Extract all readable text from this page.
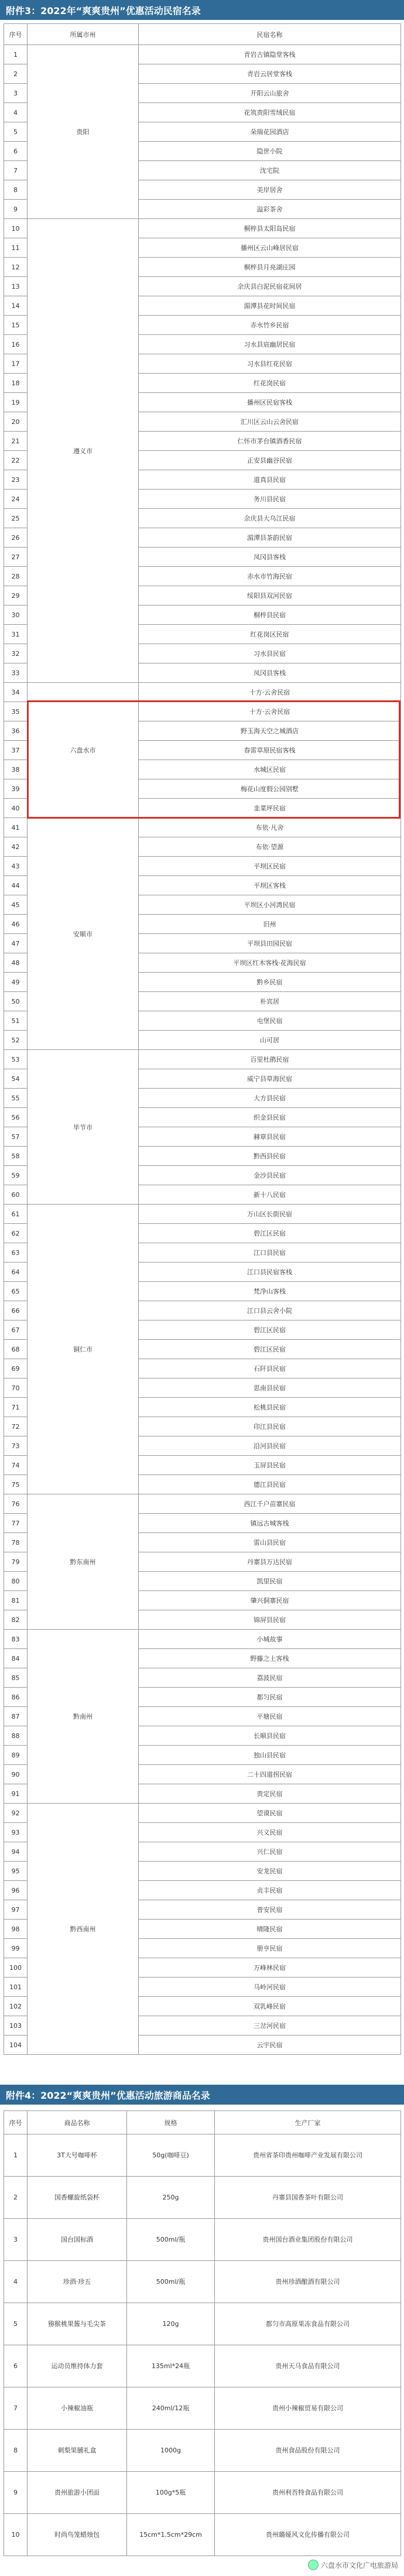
附件3：2022年“爽爽贵州”优惠活动民宿名录
序号	所属市州	民宿名称
1	贵阳	青岩古镇隐堂客栈
2		青岩云居堂客栈
3		开阳云山旅舍
4		花筑贵阳雪绒民宿
5		朵瑞花园酒店
6		隐世小院
7		沈宅院
8		美岸居舍
9		溢彩茶舍
10	遵义市	桐梓县太阳岛民宿
11		播州区云山峰居民宿
12		桐梓县月亮湖庄园
13		余庆县白泥民宿花间居
14		湄潭县花时间民宿
15		赤水竹乡民宿
16		习水县宸幽居民宿
17		习水县红花民宿
18		红花岗民宿
19		播州区民宿客栈
20		汇川区云山云舍民宿
21		仁怀市茅台镇酒香民宿
22		正安县幽谷民宿
23		道真县民宿
24		务川县民宿
25		余庆县大乌江民宿
26		湄潭县茶韵民宿
27		凤冈县客栈
28		赤水市竹海民宿
29		绥阳县双河民宿
30		桐梓县民宿
31		红花岗区民宿
32		习水县民宿
33		凤冈县客栈
34	六盘水市	十方·云舍民宿
35		十方·云舍民宿
36		野玉海天空之城酒店
37		春雷草原民宿客栈
38		水城区民宿
39		梅花山度假公园别墅
40		韭菜坪民宿
41	安顺市	布依·凡舍
42		布依·望源
43		平坝区民宿
44		平坝区客栈
45		平坝区小河湾民宿
46		旧州
47		平坝县田园民宿
48		平坝区红木客栈·花海民宿
49		黔乡民宿
50		朴宾居
51		屯堡民宿
52		山可居
53	毕节市	百里杜鹃民宿
54		威宁县草海民宿
55		大方县民宿
56		织金县民宿
57		赫章县民宿
58		黔西县民宿
59		金沙县民宿
60		新十八民宿
61	铜仁市	万山区长街民宿
62		碧江区民宿
63		江口县民宿
64		江口县民宿客栈
65		梵净山客栈
66		江口县云舍小院
67		碧江区民宿
68		碧江区民宿
69		石阡县民宿
70		思南县民宿
71		松桃县民宿
72		印江县民宿
73		沿河县民宿
74		玉屏县民宿
75		德江县民宿
76	黔东南州	西江千户苗寨民宿
77		镇远古城客栈
78		雷山县民宿
79		丹寨县万达民宿
80		凯里民宿
81		肇兴侗寨民宿
82		锦屏县民宿
83	黔南州	小城故事
84		野藤之上客栈
85		荔波民宿
86		都匀民宿
87		平塘民宿
88		长顺县民宿
89		独山县民宿
90		二十四道拐民宿
91		贵定民宿
92	黔西南州	望谟民宿
93		兴义民宿
94		兴仁民宿
95		安龙民宿
96		贞丰民宿
97		普安民宿
98		晴隆民宿
99		册亨民宿
100		万峰林民宿
101		马岭河民宿
102		双乳峰民宿
103		三岔河民宿
104		云宇民宿
附件4：2022“爽爽贵州”优惠活动旅游商品名录
序号	商品名称	规格	生产厂家
1	3T大号咖啡杯	50g(咖啡豆)	贵州省茶印贵州咖啡产业发展有限公司
2	国香螺旋纸袋杯	250g	丹寨县国香茶叶有限公司
3	国台国标酒	500ml/瓶	贵州国台酒业集团股份有限公司
4	珍酒·珍五	500ml/瓶	贵州珍酒酿酒有限公司
5	猕猴桃果酱与毛尖茶	120g	都匀市高原果冻食品有限公司
6	运动员维持体力套	135ml*24瓶	贵州天马食品有限公司
7	小辣椒油瓶	240ml/12瓶	贵州小辣椒贸易有限公司
8	刺梨果脯礼盒	1000g	贵州食品股份有限公司
9	贵州旅游小团面	100g*5瓶	贵州利吾特食品有限公司
10	时尚鸟笼蜡烛包	15cm*1.5cm*29cm	贵州璐娅风文化传播有限公司
六盘水市文化广电旅游局
